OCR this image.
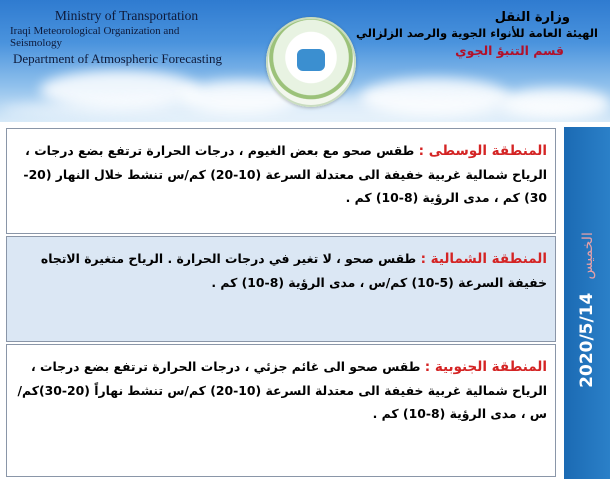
Ministry of Transportation
Iraqi Meteorological Organization and Seismology
Department of Atmospheric Forecasting
وزارة النقل
الهيئة العامة للأنواء الجوية والرصد الزلزالي
قسم التنبؤ الجوي
الخميس 2020/5/14
المنطقة الوسطى : طقس صحو مع بعض الغيوم ، درجات الحرارة ترتفع بضع درجات ، الرياح شمالية غربية خفيفة الى معتدلة السرعة (10-20) كم/س تنشط خلال النهار (20-30) كم ، مدى الرؤية (8-10) كم .
المنطقة الشمالية : طقس صحو ، لا تغير في درجات الحرارة . الرياح متغيرة الاتجاه خفيفة السرعة (5-10) كم/س ، مدى الرؤية (8-10) كم .
المنطقة الجنوبية : طقس صحو الى غائم جزئي ، درجات الحرارة ترتفع بضع درجات ، الرياح شمالية غربية خفيفة الى معتدلة السرعة (10-20) كم/س تنشط نهاراً (20-30)كم/س ، مدى الرؤية (8-10) كم .
